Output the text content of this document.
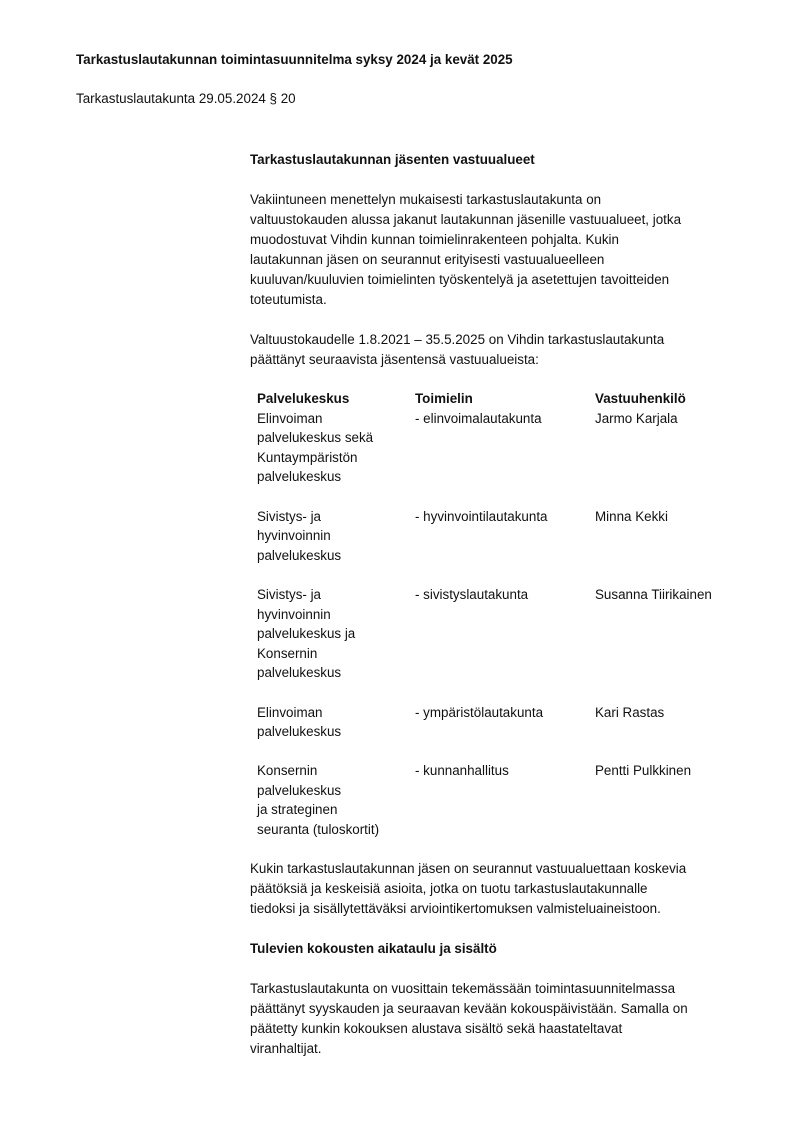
Tarkastuslautakunnan toimintasuunnitelma syksy 2024 ja kevät 2025
Tarkastuslautakunta 29.05.2024 § 20
Tarkastuslautakunnan jäsenten vastuualueet

Vakiintuneen menettelyn mukaisesti tarkastuslautakunta on
valtuustokauden alussa jakanut lautakunnan jäsenille vastuualueet, jotka
muodostuvat Vihdin kunnan toimielinrakenteen pohjalta. Kukin
lautakunnan jäsen on seurannut erityisesti vastuualueelleen
kuuluvan/kuuluvien toimielinten työskentelyä ja asetettujen tavoitteiden
toteutumista.

Valtuustokaudelle 1.8.2021 – 35.5.2025 on Vihdin tarkastuslautakunta
päättänyt seuraavista jäsentensä vastuualueista:

Palvelukeskus	Toimielin	Vastuuhenkilö
Elinvoiman
palvelukeskus sekä
Kuntaympäristön
palvelukeskus	- elinvoimalautakunta	Jarmo Karjala

Sivistys- ja
hyvinvoinnin
palvelukeskus	- hyvinvointilautakunta	Minna Kekki

Sivistys- ja
hyvinvoinnin
palvelukeskus ja
Konsernin
palvelukeskus	- sivistyslautakunta	Susanna Tiirikainen

Elinvoiman
palvelukeskus	- ympäristölautakunta	Kari Rastas

Konsernin
palvelukeskus
ja strateginen
seuranta (tuloskortit)	- kunnanhallitus	Pentti Pulkkinen

Kukin tarkastuslautakunnan jäsen on seurannut vastuualuettaan koskevia
päätöksiä ja keskeisiä asioita, jotka on tuotu tarkastuslautakunnalle
tiedoksi ja sisällytettäväksi arviointikertomuksen valmisteluaineistoon.

Tulevien kokousten aikataulu ja sisältö

Tarkastuslautakunta on vuosittain tekemässään toimintasuunnitelmassa
päättänyt syyskauden ja seuraavan kevään kokouspäivistään. Samalla on
päätetty kunkin kokouksen alustava sisältö sekä haastateltavat
viranhaltijat.
